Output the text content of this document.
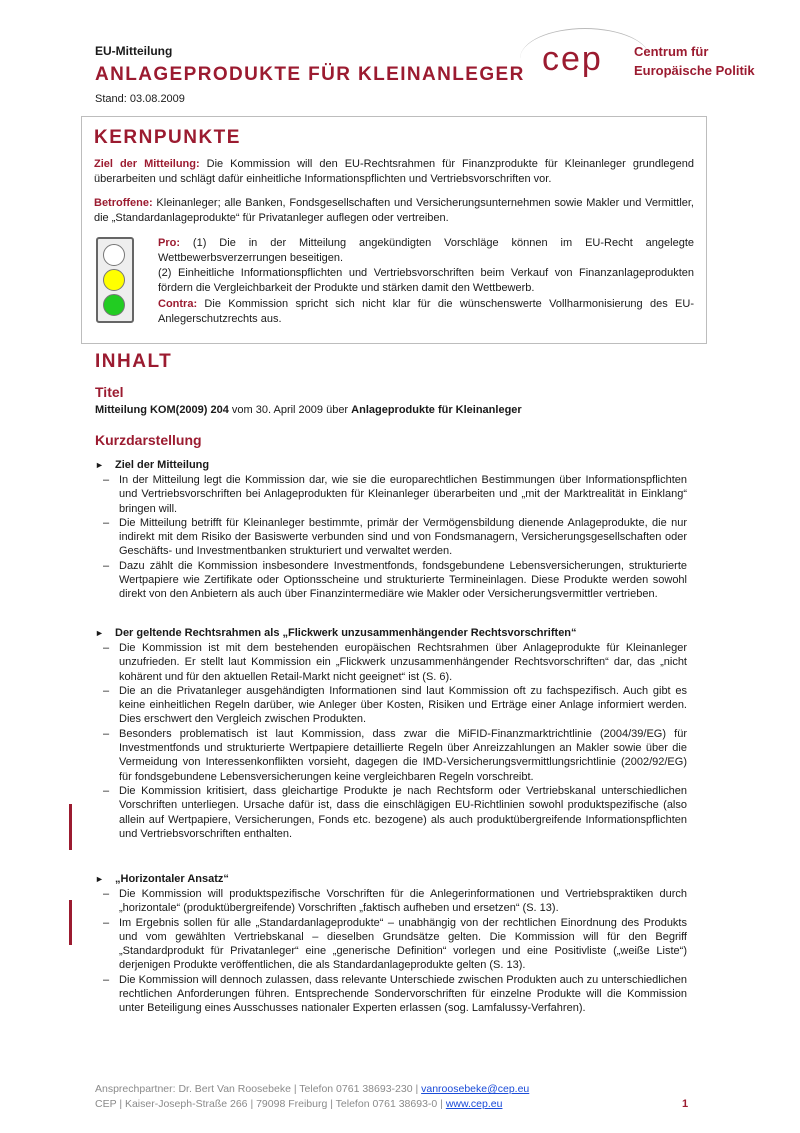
EU-Mitteilung
ANLAGEPRODUKTE FÜR KLEINANLEGER
Stand: 03.08.2009
cep Centrum für
Europäische Politik
KERNPUNKTE
Ziel der Mitteilung: Die Kommission will den EU-Rechtsrahmen für Finanzprodukte für Kleinanleger grundlegend überarbeiten und schlägt dafür einheitliche Informationspflichten und Vertriebsvorschriften vor.
Betroffene: Kleinanleger; alle Banken, Fondsgesellschaften und Versicherungsunternehmen sowie Makler und Vermittler, die „Standardanlageprodukte“ für Privatanleger auflegen oder vertreiben.
Pro: (1) Die in der Mitteilung angekündigten Vorschläge können im EU-Recht angelegte Wettbewerbsverzerrungen beseitigen.
(2) Einheitliche Informationspflichten und Vertriebsvorschriften beim Verkauf von Finanzanlageprodukten fördern die Vergleichbarkeit der Produkte und stärken damit den Wettbewerb.
Contra: Die Kommission spricht sich nicht klar für die wünschenswerte Vollharmonisierung des EU-Anlegerschutzrechts aus.
INHALT
Titel
Mitteilung KOM(2009) 204 vom 30. April 2009 über Anlageprodukte für Kleinanleger
Kurzdarstellung
► Ziel der Mitteilung
– In der Mitteilung legt die Kommission dar, wie sie die europarechtlichen Bestimmungen über Informationspflichten und Vertriebsvorschriften bei Anlageprodukten für Kleinanleger überarbeiten und „mit der Marktrealität in Einklang“ bringen will.
– Die Mitteilung betrifft für Kleinanleger bestimmte, primär der Vermögensbildung dienende Anlageprodukte, die nur indirekt mit dem Risiko der Basiswerte verbunden sind und von Fondsmanagern, Versicherungsgesellschaften oder Geschäfts- und Investmentbanken strukturiert und verwaltet werden.
– Dazu zählt die Kommission insbesondere Investmentfonds, fondsgebundene Lebensversicherungen, strukturierte Wertpapiere wie Zertifikate oder Optionsscheine und strukturierte Termineinlagen. Diese Produkte werden sowohl direkt von den Anbietern als auch über Finanzintermediäre wie Makler oder Versicherungsvermittler vertrieben.
► Der geltende Rechtsrahmen als „Flickwerk unzusammenhängender Rechtsvorschriften“
– Die Kommission ist mit dem bestehenden europäischen Rechtsrahmen über Anlageprodukte für Kleinanleger unzufrieden. Er stellt laut Kommission ein „Flickwerk unzusammenhängender Rechtsvorschriften“ dar, das „nicht kohärent und für den aktuellen Retail-Markt nicht geeignet“ ist (S. 6).
– Die an die Privatanleger ausgehändigten Informationen sind laut Kommission oft zu fachspezifisch. Auch gibt es keine einheitlichen Regeln darüber, wie Anleger über Kosten, Risiken und Erträge einer Anlage informiert werden. Dies erschwert den Vergleich zwischen Produkten.
– Besonders problematisch ist laut Kommission, dass zwar die MiFID-Finanzmarktrichtlinie (2004/39/EG) für Investmentfonds und strukturierte Wertpapiere detaillierte Regeln über Anreizzahlungen an Makler sowie über die Vermeidung von Interessenkonflikten vorsieht, dagegen die IMD-Versicherungsvermittlungsrichtlinie (2002/92/EG) für fondsgebundene Lebensversicherungen keine vergleichbaren Regeln vorschreibt.
– Die Kommission kritisiert, dass gleichartige Produkte je nach Rechtsform oder Vertriebskanal unterschiedlichen Vorschriften unterliegen. Ursache dafür ist, dass die einschlägigen EU-Richtlinien sowohl produktspezifische (also allein auf Wertpapiere, Versicherungen, Fonds etc. bezogene) als auch produktübergreifende Informationspflichten und Vertriebsvorschriften enthalten.
► „Horizontaler Ansatz“
– Die Kommission will produktspezifische Vorschriften für die Anlegerinformationen und Vertriebspraktiken durch „horizontale“ (produktübergreifende) Vorschriften „faktisch aufheben und ersetzen“ (S. 13).
– Im Ergebnis sollen für alle „Standardanlageprodukte“ – unabhängig von der rechtlichen Einordnung des Produkts und vom gewählten Vertriebskanal – dieselben Grundsätze gelten. Die Kommission will für den Begriff „Standardprodukt für Privatanleger“ eine „generische Definition“ vorlegen und eine Positivliste („weiße Liste“) derjenigen Produkte veröffentlichen, die als Standardanlageprodukte gelten (S. 13).
– Die Kommission will dennoch zulassen, dass relevante Unterschiede zwischen Produkten auch zu unterschiedlichen rechtlichen Anforderungen führen. Entsprechende Sondervorschriften für einzelne Produkte will die Kommission unter Beteiligung eines Ausschusses nationaler Experten erlassen (sog. Lamfalussy-Verfahren).
Ansprechpartner: Dr. Bert Van Roosebeke | Telefon 0761 38693-230 | vanroosebeke@cep.eu
CEP | Kaiser-Joseph-Straße 266 | 79098 Freiburg | Telefon 0761 38693-0 | www.cep.eu	1
